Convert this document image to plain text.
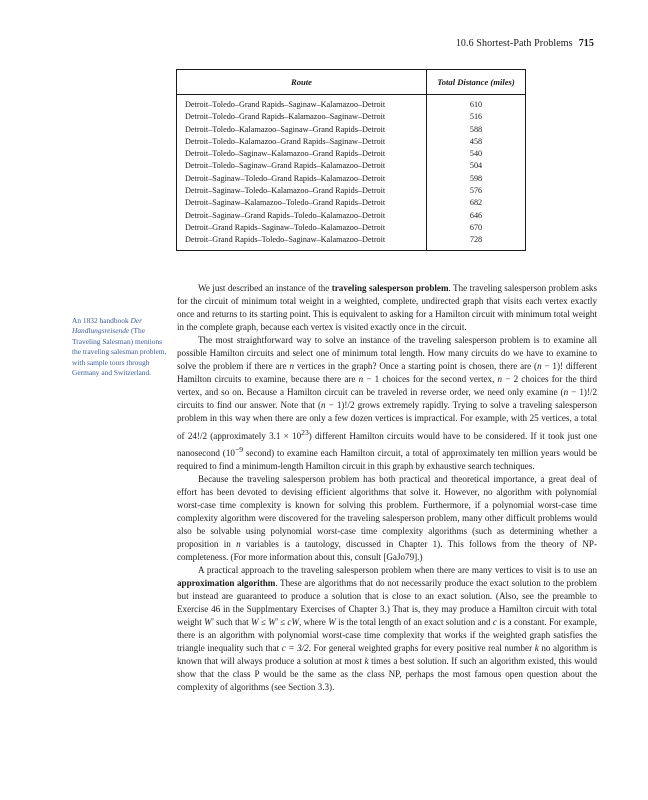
10.6 Shortest-Path Problems 715
Route	Total Distance (miles)
Detroit–Toledo–Grand Rapids–Saginaw–Kalamazoo–Detroit	610
Detroit–Toledo–Grand Rapids–Kalamazoo–Saginaw–Detroit	516
Detroit–Toledo–Kalamazoo–Saginaw–Grand Rapids–Detroit	588
Detroit–Toledo–Kalamazoo–Grand Rapids–Saginaw–Detroit	458
Detroit–Toledo–Saginaw–Kalamazoo–Grand Rapids–Detroit	540
Detroit–Toledo–Saginaw–Grand Rapids–Kalamazoo–Detroit	504
Detroit–Saginaw–Toledo–Grand Rapids–Kalamazoo–Detroit	598
Detroit–Saginaw–Toledo–Kalamazoo–Grand Rapids–Detroit	576
Detroit–Saginaw–Kalamazoo–Toledo–Grand Rapids–Detroit	682
Detroit–Saginaw–Grand Rapids–Toledo–Kalamazoo–Detroit	646
Detroit–Grand Rapids–Saginaw–Toledo–Kalamazoo–Detroit	670
Detroit–Grand Rapids–Toledo–Saginaw–Kalamazoo–Detroit	728
An 1832 handbook Der Handlungsreisende (The Traveling Salesman) mentions the traveling salesman problem, with sample tours through Germany and Switzerland.

We just described an instance of the traveling salesperson problem. The traveling salesperson problem asks for the circuit of minimum total weight in a weighted, complete, undirected graph that visits each vertex exactly once and returns to its starting point. This is equivalent to asking for a Hamilton circuit with minimum total weight in the complete graph, because each vertex is visited exactly once in the circuit.

The most straightforward way to solve an instance of the traveling salesperson problem is to examine all possible Hamilton circuits and select one of minimum total length. How many circuits do we have to examine to solve the problem if there are n vertices in the graph? Once a starting point is chosen, there are (n − 1)! different Hamilton circuits to examine, because there are n − 1 choices for the second vertex, n − 2 choices for the third vertex, and so on. Because a Hamilton circuit can be traveled in reverse order, we need only examine (n − 1)!/2 circuits to find our answer. Note that (n − 1)!/2 grows extremely rapidly. Trying to solve a traveling salesperson problem in this way when there are only a few dozen vertices is impractical. For example, with 25 vertices, a total of 24!/2 (approximately $3.1 \times 10^{23}$) different Hamilton circuits would have to be considered. If it took just one nanosecond ($10^{-9}$ second) to examine each Hamilton circuit, a total of approximately ten million years would be required to find a minimum-length Hamilton circuit in this graph by exhaustive search techniques.

Because the traveling salesperson problem has both practical and theoretical importance, a great deal of effort has been devoted to devising efficient algorithms that solve it. However, no algorithm with polynomial worst-case time complexity is known for solving this problem. Furthermore, if a polynomial worst-case time complexity algorithm were discovered for the traveling salesperson problem, many other difficult problems would also be solvable using polynomial worst-case time complexity algorithms (such as determining whether a proposition in n variables is a tautology, discussed in Chapter 1). This follows from the theory of NP-completeness. (For more information about this, consult [GaJo79].)

A practical approach to the traveling salesperson problem when there are many vertices to visit is to use an approximation algorithm. These are algorithms that do not necessarily produce the exact solution to the problem but instead are guaranteed to produce a solution that is close to an exact solution. (Also, see the preamble to Exercise 46 in the Supplmentary Exercises of Chapter 3.) That is, they may produce a Hamilton circuit with total weight W′ such that W ≤ W′ ≤ cW, where W is the total length of an exact solution and c is a constant. For example, there is an algorithm with polynomial worst-case time complexity that works if the weighted graph satisfies the triangle inequality such that c = 3/2. For general weighted graphs for every positive real number k no algorithm is known that will always produce a solution at most k times a best solution. If such an algorithm existed, this would show that the class P would be the same as the class NP, perhaps the most famous open question about the complexity of algorithms (see Section 3.3).
